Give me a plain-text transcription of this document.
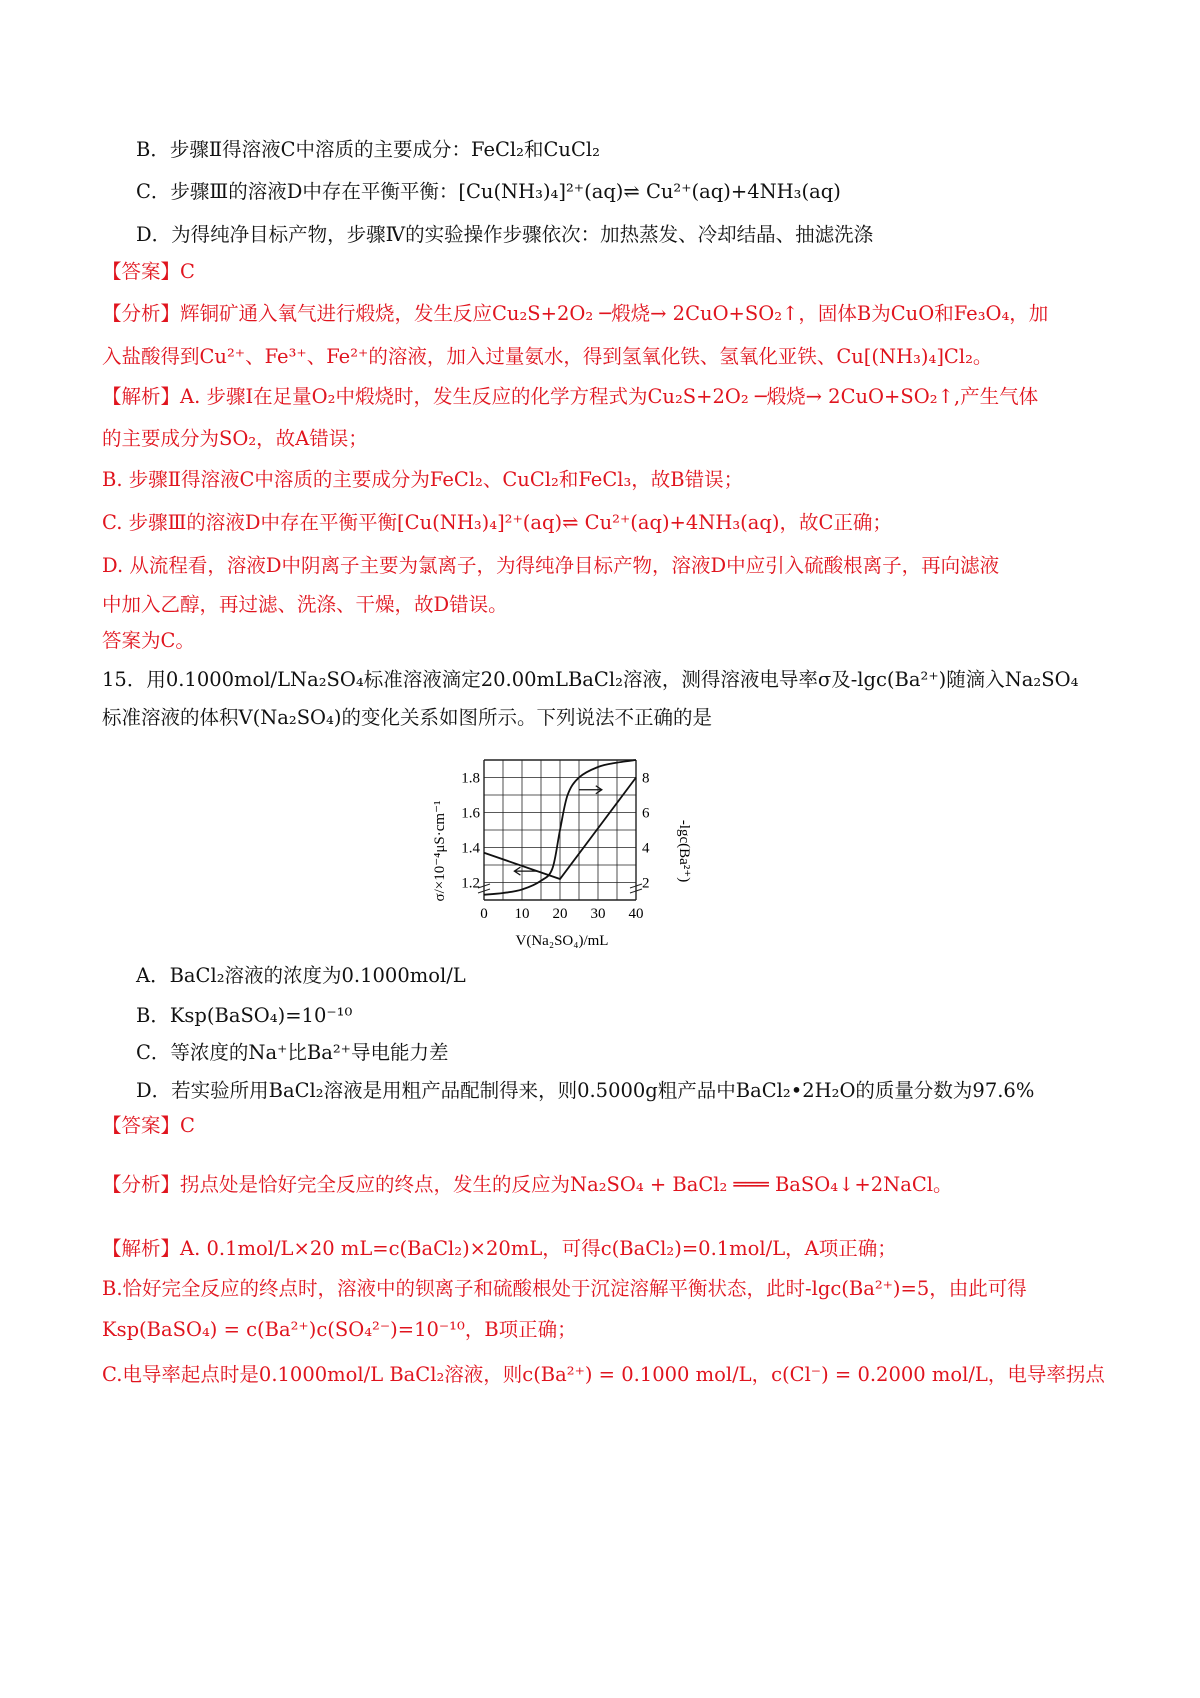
B．步骤Ⅱ得溶液C中溶质的主要成分：FeCl₂和CuCl₂
C．步骤Ⅲ的溶液D中存在平衡平衡：[Cu(NH₃)₄]²⁺(aq)⇌ Cu²⁺(aq)+4NH₃(aq)
D．为得纯净目标产物，步骤Ⅳ的实验操作步骤依次：加热蒸发、冷却结晶、抽滤洗涤
【答案】C
【分析】辉铜矿通入氧气进行煅烧，发生反应Cu₂S+2O₂ ─煅烧→ 2CuO+SO₂↑，固体B为CuO和Fe₃O₄，加
入盐酸得到Cu²⁺、Fe³⁺、Fe²⁺的溶液，加入过量氨水，得到氢氧化铁、氢氧化亚铁、Cu[(NH₃)₄]Cl₂。
【解析】A. 步骤Ⅰ在足量O₂中煅烧时，发生反应的化学方程式为Cu₂S+2O₂ ─煅烧→ 2CuO+SO₂↑,产生气体
的主要成分为SO₂，故A错误；
B. 步骤Ⅱ得溶液C中溶质的主要成分为FeCl₂、CuCl₂和FeCl₃，故B错误；
C. 步骤Ⅲ的溶液D中存在平衡平衡[Cu(NH₃)₄]²⁺(aq)⇌ Cu²⁺(aq)+4NH₃(aq)，故C正确；
D. 从流程看，溶液D中阴离子主要为氯离子，为得纯净目标产物，溶液D中应引入硫酸根离子，再向滤液
中加入乙醇，再过滤、洗涤、干燥，故D错误。
答案为C。
15．用0.1000mol/LNa₂SO₄标准溶液滴定20.00mLBaCl₂溶液，测得溶液电导率σ及-lgc(Ba²⁺)随滴入Na₂SO₄
标准溶液的体积V(Na₂SO₄)的变化关系如图所示。下列说法不正确的是
0 10 20 30 40
1.2
1.4
1.6
1.8
2
4
6
8
σ/×10⁻⁴μS·cm⁻¹	-lgc(Ba²⁺)
V(Na₂SO₄)/mL
A．BaCl₂溶液的浓度为0.1000mol/L
B．Ksp(BaSO₄)=10⁻¹⁰
C．等浓度的Na⁺比Ba²⁺导电能力差
D．若实验所用BaCl₂溶液是用粗产品配制得来，则0.5000g粗产品中BaCl₂•2H₂O的质量分数为97.6%
【答案】C
【分析】拐点处是恰好完全反应的终点，发生的反应为Na₂SO₄ + BaCl₂ ═══ BaSO₄↓+2NaCl。
【解析】A. 0.1mol/L×20 mL=c(BaCl₂)×20mL，可得c(BaCl₂)=0.1mol/L，A项正确；
B.恰好完全反应的终点时，溶液中的钡离子和硫酸根处于沉淀溶解平衡状态，此时-lgc(Ba²⁺)=5，由此可得
Ksp(BaSO₄) = c(Ba²⁺)c(SO₄²⁻)=10⁻¹⁰，B项正确；
C.电导率起点时是0.1000mol/L BaCl₂溶液，则c(Ba²⁺) = 0.1000 mol/L，c(Cl⁻) = 0.2000 mol/L，电导率拐点
